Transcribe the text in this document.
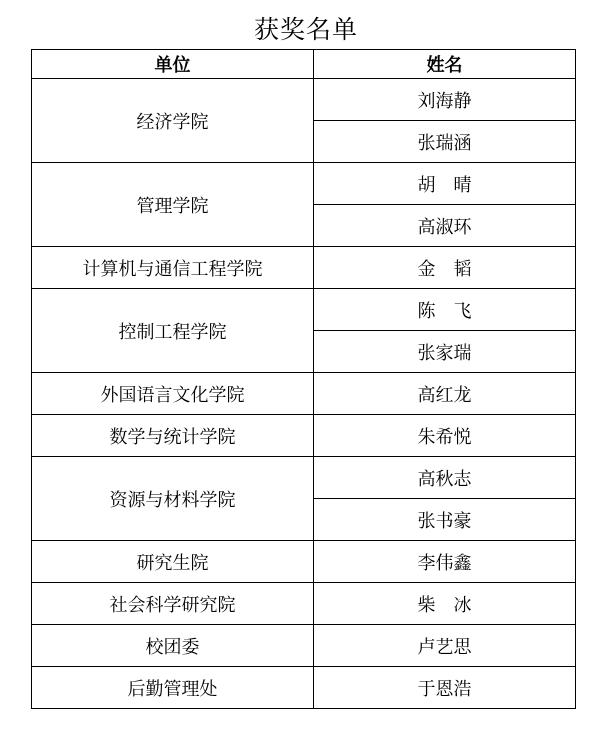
获奖名单
单位	姓名
经济学院	刘海静
	张瑞涵
管理学院	胡　晴
	高淑环
计算机与通信工程学院	金　韬
控制工程学院	陈　飞
	张家瑞
外国语言文化学院	高红龙
数学与统计学院	朱希悦
资源与材料学院	高秋志
	张书豪
研究生院	李伟鑫
社会科学研究院	柴　冰
校团委	卢艺思
后勤管理处	于恩浩
